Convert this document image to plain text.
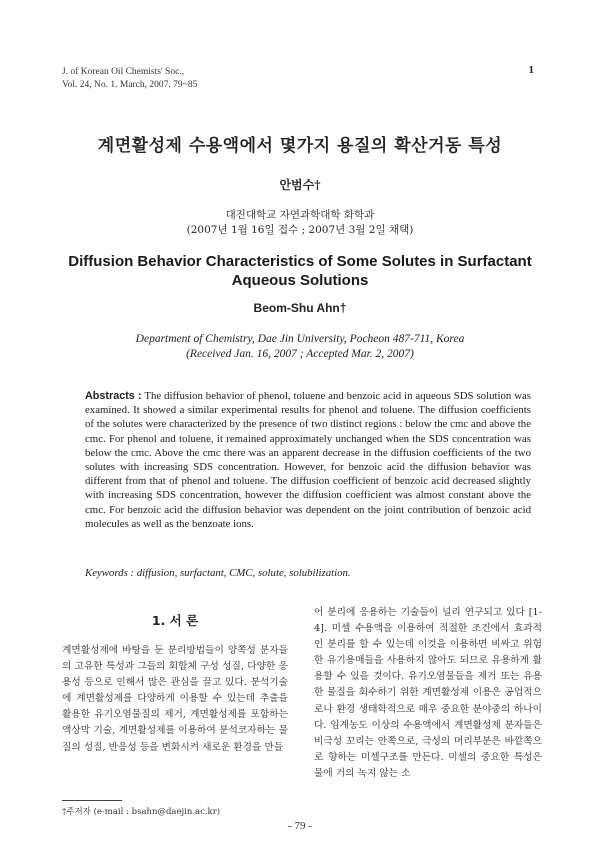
J. of Korean Oil Chemists' Soc.,
Vol. 24, No. 1. March, 2007. 79~85
1
계면활성제 수용액에서 몇가지 용질의 확산거동 특성
안범수†
대진대학교 자연과학대학 화학과
(2007년 1월 16일 접수 ; 2007년 3월 2일 채택)
Diffusion Behavior Characteristics of Some Solutes in Surfactant
Aqueous Solutions
Beom-Shu Ahn†
Department of Chemistry, Dae Jin University, Pocheon 487-711, Korea
(Received Jan. 16, 2007 ; Accepted Mar. 2, 2007)
Abstracts : The diffusion behavior of phenol, toluene and benzoic acid in aqueous SDS solution was examined. It showed a similar experimental results for phenol and toluene. The diffusion coefficients of the solutes were characterized by the presence of two distinct regions : below the cmc and above the cmc. For phenol and toluene, it remained approximately unchanged when the SDS concentration was below the cmc. Above the cmc there was an apparent decrease in the diffusion coefficients of the two solutes with increasing SDS concentration. However, for benzoic acid the diffusion behavior was different from that of phenol and toluene. The diffusion coefficient of benzoic acid decreased slightly with increasing SDS concentration, however the diffusion coefficient was almost constant above the cmc. For benzoic acid the diffusion behavior was dependent on the joint contribution of benzoic acid molecules as well as the benzoate ions.
Keywords : diffusion, surfactant, CMC, solute, solubilization.
1. 서 론

계면활성제에 바탕을 둔 분리방법들이 양쪽성 분자들의 고유한 특성과 그들의 회합체 구성 성질, 다양한 응용성 등으로 인해서 많은 관심을 끌고 있다. 분석기술에 계면활성제를 다양하게 이용할 수 있는데 추출을 활용한 유기오염물질의 제거, 계면활성제를 포함하는 액상막 기술, 계면활성제를 이용하여 분석코자하는 물질의 성질, 반응성 등을 변화시켜 새로운 환경을 만들

어 분리에 응용하는 기술들이 널리 연구되고 있다 [1-4]. 미셀 수용액을 이용하여 적절한 조건에서 효과적인 분리를 할 수 있는데 이것을 이용하면 비싸고 위험한 유기용매들을 사용하지 않아도 되므로 유용하게 활용할 수 있을 것이다. 유기오염물들을 제거 또는 유용한 물질을 회수하기 위한 계면활성제 이용은 공업적으로나 환경 생태학적으로 매우 중요한 분야중의 하나이다. 임계농도 이상의 수용액에서 계면활성제 분자들은 비극성 꼬리는 안쪽으로, 극성의 머리부분은 바깥쪽으로 향하는 미셀구조를 만든다. 미셀의 중요한 특성은 물에 거의 녹지 않는 소

†주저자 (e-mail : bsahn@daejin.ac.kr)
- 79 -
